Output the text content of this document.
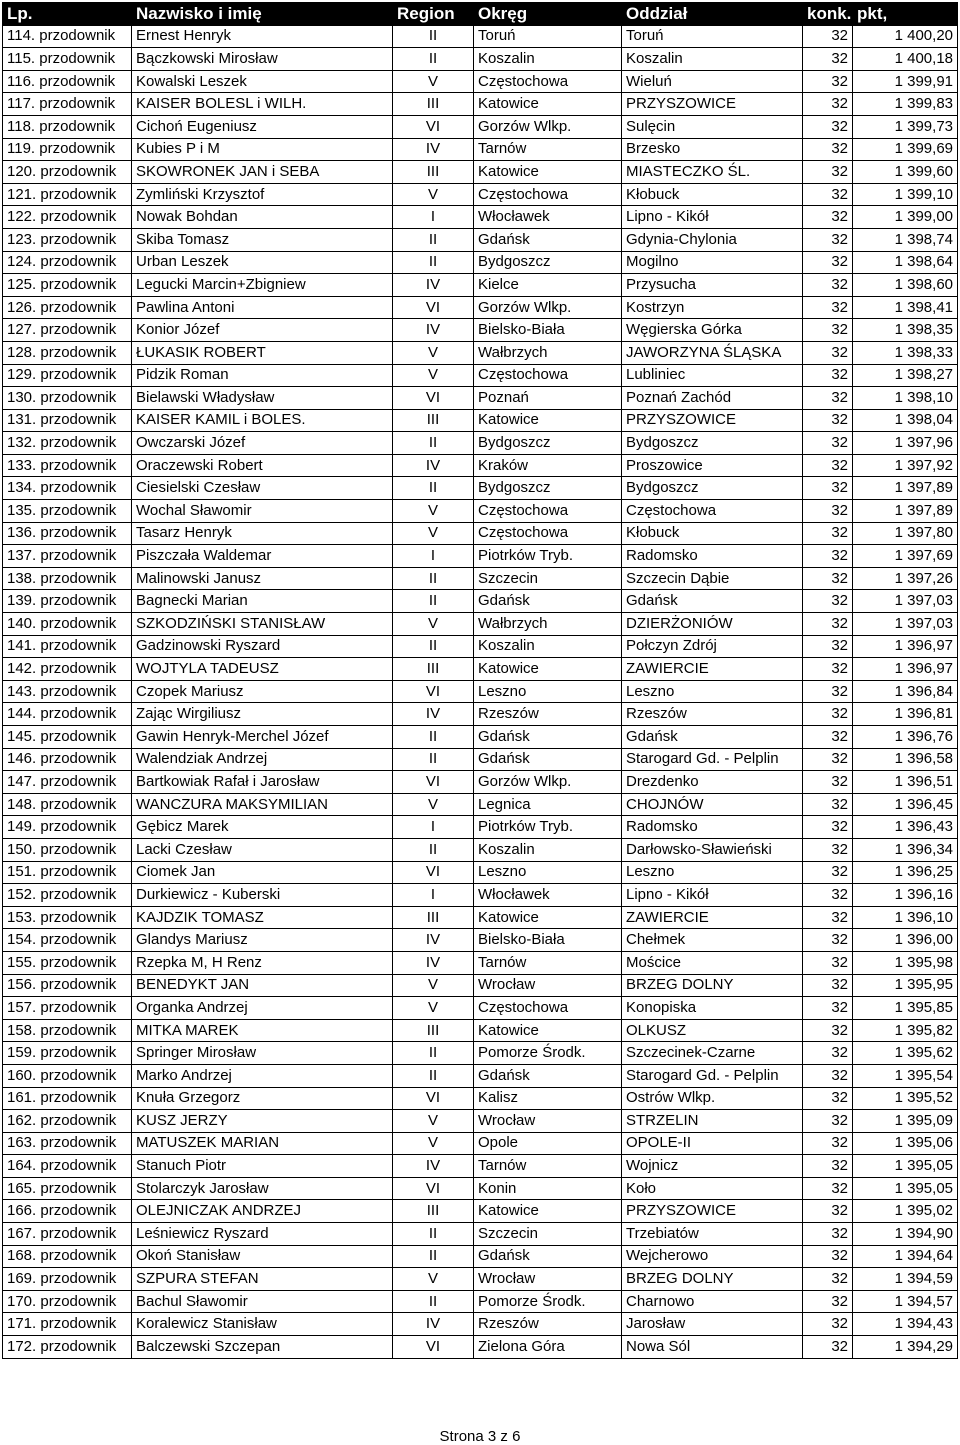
Lp.	Nazwisko i imię	Region	Okręg	Oddział	konk.	pkt,
114. przodownik	Ernest Henryk	II	Toruń	Toruń	32	1 400,20
115. przodownik	Bączkowski Mirosław	II	Koszalin	Koszalin	32	1 400,18
116. przodownik	Kowalski Leszek	V	Częstochowa	Wieluń	32	1 399,91
117. przodownik	KAISER BOLESL i WILH.	III	Katowice	PRZYSZOWICE	32	1 399,83
118. przodownik	Cichoń Eugeniusz	VI	Gorzów Wlkp.	Sulęcin	32	1 399,73
119. przodownik	Kubies P i M	IV	Tarnów	Brzesko	32	1 399,69
120. przodownik	SKOWRONEK JAN i SEBA	III	Katowice	MIASTECZKO ŚL.	32	1 399,60
121. przodownik	Zymliński Krzysztof	V	Częstochowa	Kłobuck	32	1 399,10
122. przodownik	Nowak Bohdan	I	Włocławek	Lipno - Kikół	32	1 399,00
123. przodownik	Skiba Tomasz	II	Gdańsk	Gdynia-Chylonia	32	1 398,74
124. przodownik	Urban Leszek	II	Bydgoszcz	Mogilno	32	1 398,64
125. przodownik	Legucki Marcin+Zbigniew	IV	Kielce	Przysucha	32	1 398,60
126. przodownik	Pawlina Antoni	VI	Gorzów Wlkp.	Kostrzyn	32	1 398,41
127. przodownik	Konior Józef	IV	Bielsko-Biała	Węgierska Górka	32	1 398,35
128. przodownik	ŁUKASIK ROBERT	V	Wałbrzych	JAWORZYNA ŚLĄSKA	32	1 398,33
129. przodownik	Pidzik Roman	V	Częstochowa	Lubliniec	32	1 398,27
130. przodownik	Bielawski Władysław	VI	Poznań	Poznań Zachód	32	1 398,10
131. przodownik	KAISER KAMIL i BOLES.	III	Katowice	PRZYSZOWICE	32	1 398,04
132. przodownik	Owczarski Józef	II	Bydgoszcz	Bydgoszcz	32	1 397,96
133. przodownik	Oraczewski Robert	IV	Kraków	Proszowice	32	1 397,92
134. przodownik	Ciesielski Czesław	II	Bydgoszcz	Bydgoszcz	32	1 397,89
135. przodownik	Wochal Sławomir	V	Częstochowa	Częstochowa	32	1 397,89
136. przodownik	Tasarz Henryk	V	Częstochowa	Kłobuck	32	1 397,80
137. przodownik	Piszczała Waldemar	I	Piotrków Tryb.	Radomsko	32	1 397,69
138. przodownik	Malinowski Janusz	II	Szczecin	Szczecin Dąbie	32	1 397,26
139. przodownik	Bagnecki Marian	II	Gdańsk	Gdańsk	32	1 397,03
140. przodownik	SZKODZIŃSKI STANISŁAW	V	Wałbrzych	DZIERŻONIÓW	32	1 397,03
141. przodownik	Gadzinowski Ryszard	II	Koszalin	Połczyn Zdrój	32	1 396,97
142. przodownik	WOJTYLA TADEUSZ	III	Katowice	ZAWIERCIE	32	1 396,97
143. przodownik	Czopek Mariusz	VI	Leszno	Leszno	32	1 396,84
144. przodownik	Zając Wirgiliusz	IV	Rzeszów	Rzeszów	32	1 396,81
145. przodownik	Gawin Henryk-Merchel Józef	II	Gdańsk	Gdańsk	32	1 396,76
146. przodownik	Walendziak Andrzej	II	Gdańsk	Starogard Gd. - Pelplin	32	1 396,58
147. przodownik	Bartkowiak Rafał i Jarosław	VI	Gorzów Wlkp.	Drezdenko	32	1 396,51
148. przodownik	WANCZURA MAKSYMILIAN	V	Legnica	CHOJNÓW	32	1 396,45
149. przodownik	Gębicz Marek	I	Piotrków Tryb.	Radomsko	32	1 396,43
150. przodownik	Lacki Czesław	II	Koszalin	Darłowsko-Sławieński	32	1 396,34
151. przodownik	Ciomek Jan	VI	Leszno	Leszno	32	1 396,25
152. przodownik	Durkiewicz - Kuberski	I	Włocławek	Lipno - Kikół	32	1 396,16
153. przodownik	KAJDZIK TOMASZ	III	Katowice	ZAWIERCIE	32	1 396,10
154. przodownik	Glandys Mariusz	IV	Bielsko-Biała	Chełmek	32	1 396,00
155. przodownik	Rzepka M, H Renz	IV	Tarnów	Mościce	32	1 395,98
156. przodownik	BENEDYKT JAN	V	Wrocław	BRZEG DOLNY	32	1 395,95
157. przodownik	Organka Andrzej	V	Częstochowa	Konopiska	32	1 395,85
158. przodownik	MITKA MAREK	III	Katowice	OLKUSZ	32	1 395,82
159. przodownik	Springer Mirosław	II	Pomorze Środk.	Szczecinek-Czarne	32	1 395,62
160. przodownik	Marko Andrzej	II	Gdańsk	Starogard Gd. - Pelplin	32	1 395,54
161. przodownik	Knuła Grzegorz	VI	Kalisz	Ostrów Wlkp.	32	1 395,52
162. przodownik	KUSZ JERZY	V	Wrocław	STRZELIN	32	1 395,09
163. przodownik	MATUSZEK MARIAN	V	Opole	OPOLE-II	32	1 395,06
164. przodownik	Stanuch Piotr	IV	Tarnów	Wojnicz	32	1 395,05
165. przodownik	Stolarczyk Jarosław	VI	Konin	Koło	32	1 395,05
166. przodownik	OLEJNICZAK ANDRZEJ	III	Katowice	PRZYSZOWICE	32	1 395,02
167. przodownik	Leśniewicz Ryszard	II	Szczecin	Trzebiatów	32	1 394,90
168. przodownik	Okoń Stanisław	II	Gdańsk	Wejcherowo	32	1 394,64
169. przodownik	SZPURA STEFAN	V	Wrocław	BRZEG DOLNY	32	1 394,59
170. przodownik	Bachul Sławomir	II	Pomorze Środk.	Charnowo	32	1 394,57
171. przodownik	Koralewicz Stanisław	IV	Rzeszów	Jarosław	32	1 394,43
172. przodownik	Balczewski Szczepan	VI	Zielona Góra	Nowa Sól	32	1 394,29
Strona 3 z 6
